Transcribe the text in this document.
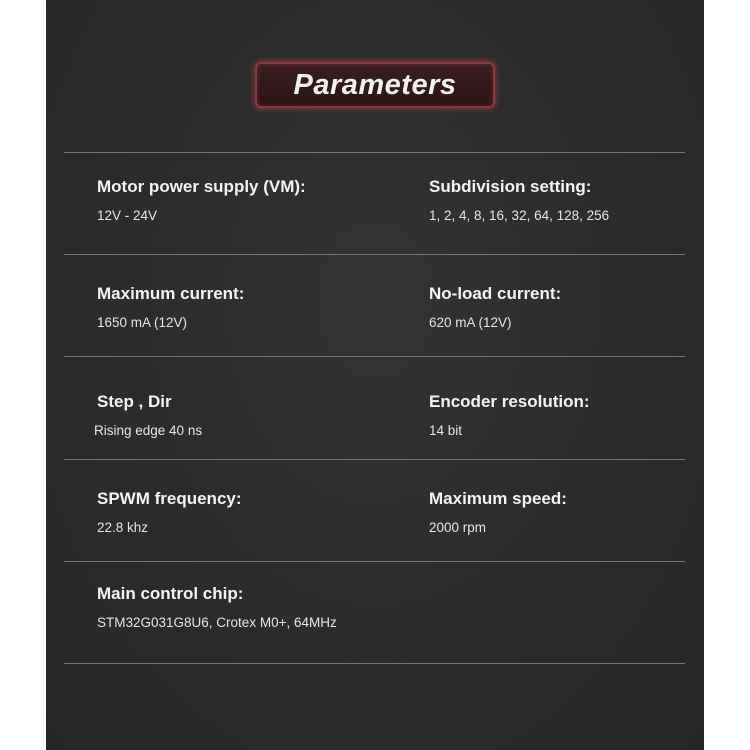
Parameters
Motor power supply (VM):
12V - 24V
Subdivision setting:
1, 2, 4, 8, 16, 32, 64, 128, 256
Maximum current:
1650 mA (12V)
No-load current:
620 mA (12V)
Step , Dir
Rising edge 40 ns
Encoder resolution:
14 bit
SPWM frequency:
22.8 khz
Maximum speed:
2000 rpm
Main control chip:
STM32G031G8U6, Crotex M0+, 64MHz
